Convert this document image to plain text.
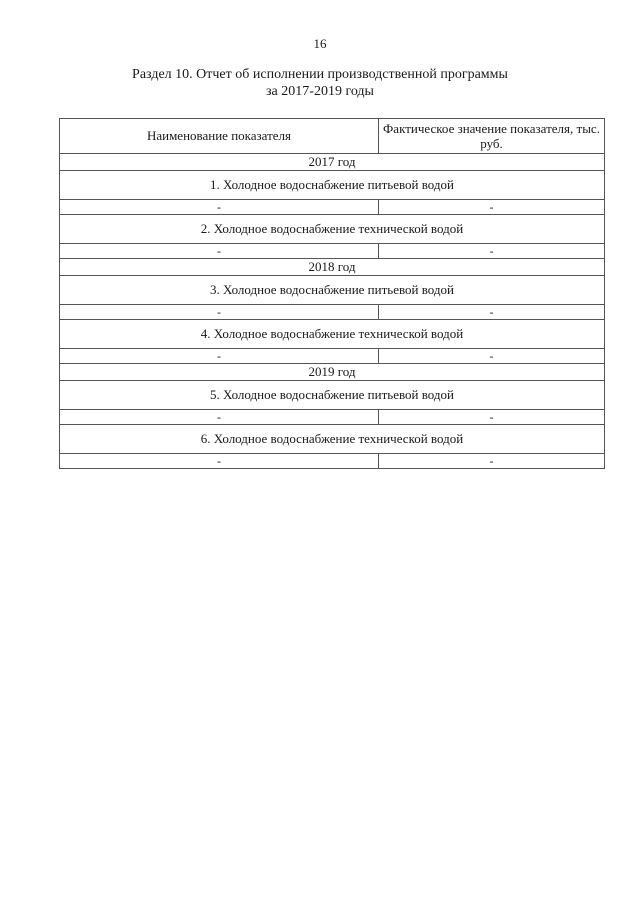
16
Раздел 10. Отчет об исполнении производственной программы
за 2017-2019 годы
Наименование показателя	Фактическое значение показателя, тыс. руб.
2017 год	
1. Холодное водоснабжение питьевой водой	
-	-
2. Холодное водоснабжение технической водой	
-	-
2018 год	
3. Холодное водоснабжение питьевой водой	
-	-
4. Холодное водоснабжение технической водой	
-	-
2019 год	
5. Холодное водоснабжение питьевой водой	
-	-
6. Холодное водоснабжение технической водой	
-	-
